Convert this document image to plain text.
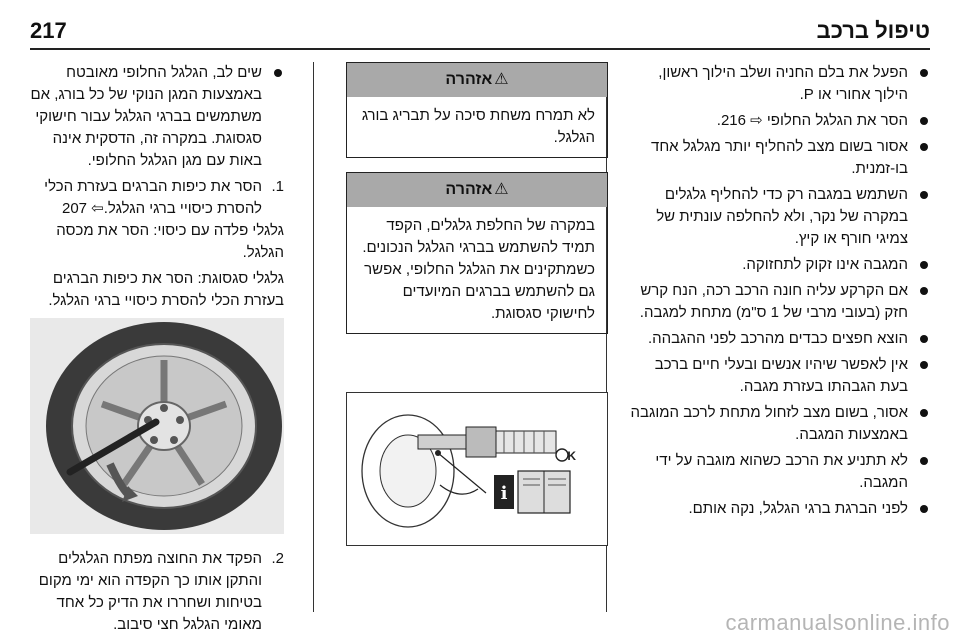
217	טיפול ברכב
הפעל את בלם החניה ושלב הילוך ראשון, הילוך אחורי או P.
הסר את הגלגל החלופי ⇨ 216.
אסור בשום מצב להחליף יותר מגלגל אחד בו-זמנית.
השתמש במגבה רק כדי להחליף גלגלים במקרה של נקר, ולא להחלפה עונתית של צמיגי חורף או קיץ.
המגבה אינו זקוק לתחזוקה.
אם הקרקע עליה חונה הרכב רכה, הנח קרש חזק (בעובי מרבי של 1 ס"מ) מתחת למגבה.
הוצא חפצים כבדים מהרכב לפני ההגבהה.
אין לאפשר שיהיו אנשים ובעלי חיים ברכב בעת הגבהתו בעזרת מגבה.
אסור, בשום מצב לזחול מתחת לרכב המוגבה באמצעות המגבה.
לא תתניע את הרכב כשהוא מוגבה על ידי המגבה.
לפני הברגת ברגי הגלגל, נקה אותם.
⚠אזהרה
לא תמרח משחת סיכה על תבריג בורג הגלגל.
⚠אזהרה
במקרה של החלפת גלגלים, הקפד תמיד להשתמש בברגי הגלגל הנכונים. כשמתקינים את הגלגל החלופי, אפשר גם להשתמש בברגים המיועדים לחישוקי סגסוגת.
i
K
שים לב, הגלגל החלופי מאובטח באמצעות המגן הנוקי של כל בורג, אם משתמשים בברגי הגלגל עבור חישוקי סגסוגת. במקרה זה, הדסקית אינה באות עם מגן הגלגל החלופי.
1.
הסר את כיפות הברגים בעזרת הכלי להסרת כיסויי ברגי הגלגל.⇦ 207

גלגלי פלדה עם כיסוי: הסר את מכסה הגלגל.

גלגלי סגסוגת: הסר את כיפות הברגים בעזרת הכלי להסרת כיסויי ברגי הגלגל.

2.
הפקד את החוצה מפתח הגלגלים והתקן אותו כך הקפדה הוא ימי מקום בטיחות ושחררו את הדיק כל אחד מאומי הגלגל חצי סיבוב.	carmanualsonline.info
